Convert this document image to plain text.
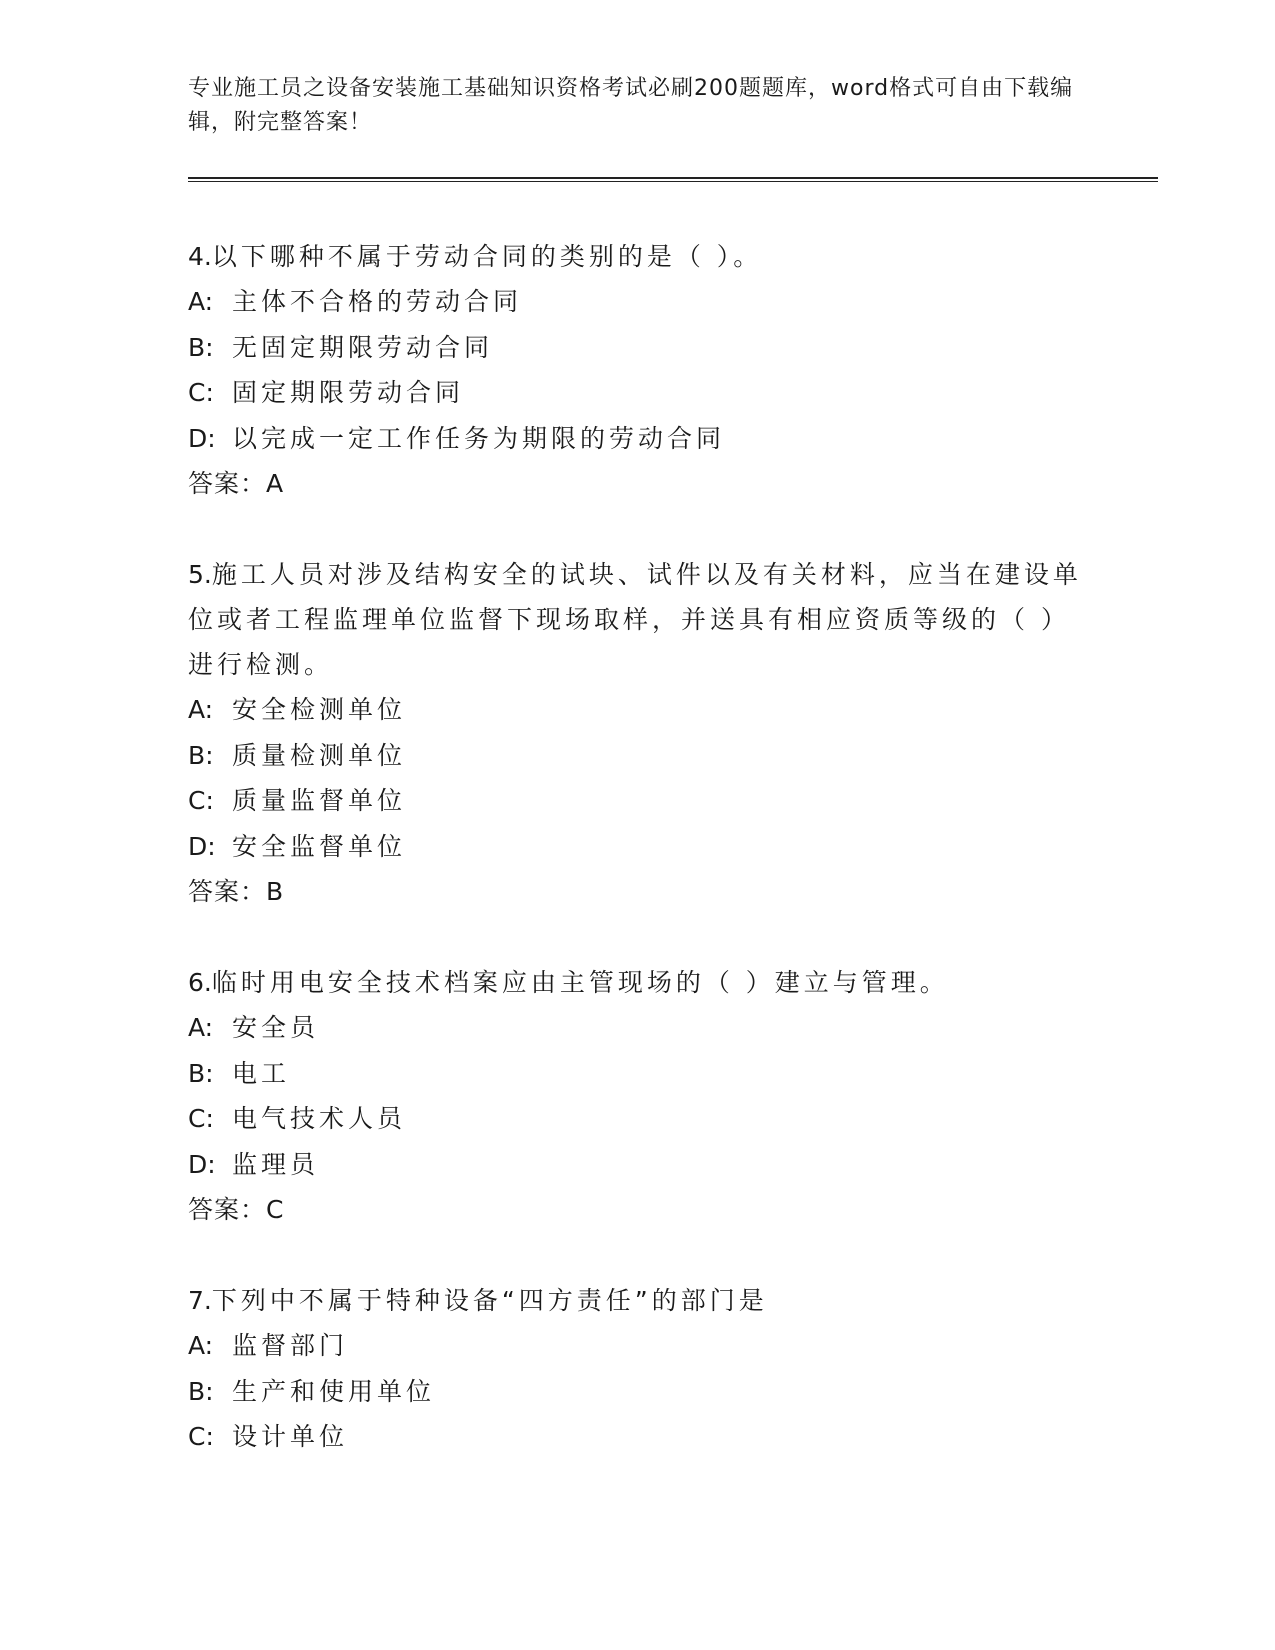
专业施工员之设备安装施工基础知识资格考试必刷200题题库，word格式可自由下载编辑，附完整答案！
4.以下哪种不属于劳动合同的类别的是（ ）。
A: 主体不合格的劳动合同
B: 无固定期限劳动合同
C: 固定期限劳动合同
D: 以完成一定工作任务为期限的劳动合同
答案：A
5.施工人员对涉及结构安全的试块、试件以及有关材料，应当在建设单位或者工程监理单位监督下现场取样，并送具有相应资质等级的（ ）进行检测。
A: 安全检测单位
B: 质量检测单位
C: 质量监督单位
D: 安全监督单位
答案：B
6.临时用电安全技术档案应由主管现场的（ ）建立与管理。
A: 安全员
B: 电工
C: 电气技术人员
D: 监理员
答案：C
7.下列中不属于特种设备“四方责任”的部门是
A: 监督部门
B: 生产和使用单位
C: 设计单位
